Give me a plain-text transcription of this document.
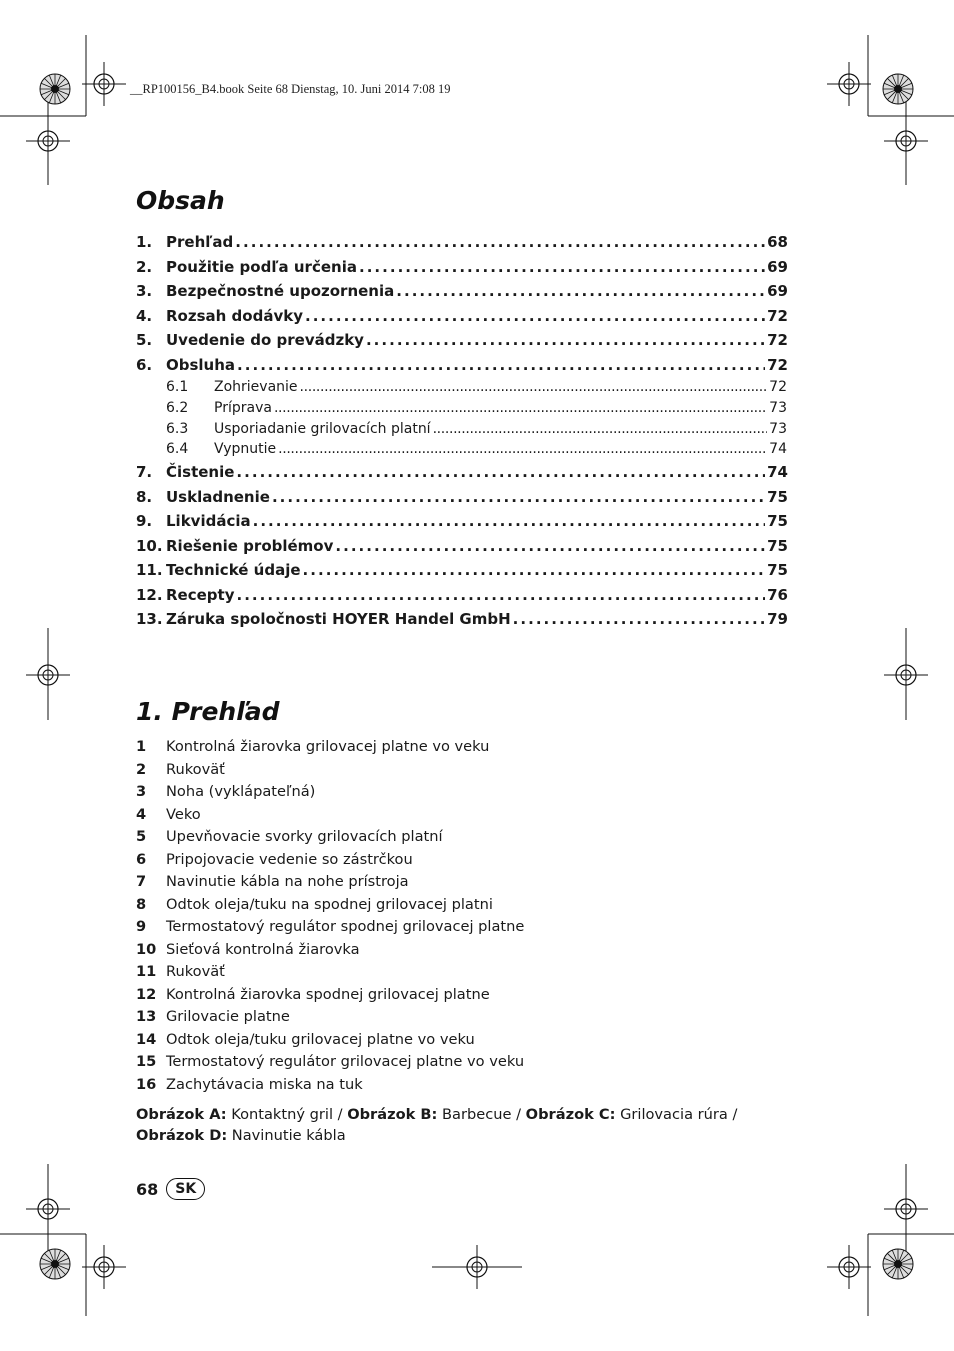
__RP100156_B4.book Seite 68 Dienstag, 10. Juni 2014 7:08 19
Obsah
1. Prehľad . . .	68
2. Použitie podľa určenia . . .	69
3. Bezpečnostné upozornenia . . .	69
4. Rozsah dodávky . . .	72
5. Uvedenie do prevádzky . . .	72
6. Obsluha . . .	72
6.1	Zohrievanie . . .	72
6.2	Príprava . . .	73
6.3	Usporiadanie grilovacích platní . . .	73
6.4	Vypnutie . . .	74
7. Čistenie . . .	74
8. Uskladnenie . . .	75
9. Likvidácia . . .	75
10. Riešenie problémov . . .	75
11. Technické údaje . . .	75
12. Recepty . . .	76
13. Záruka spoločnosti HOYER Handel GmbH . . .	79
1. Prehľad
1	Kontrolná žiarovka grilovacej platne vo veku
2	Rukoväť
3	Noha (vyklápateľná)
4	Veko
5	Upevňovacie svorky grilovacích platní
6	Pripojovacie vedenie so zástrčkou
7	Navinutie kábla na nohe prístroja
8	Odtok oleja/tuku na spodnej grilovacej platni
9	Termostatový regulátor spodnej grilovacej platne
10 Sieťová kontrolná žiarovka
11 Rukoväť
12 Kontrolná žiarovka spodnej grilovacej platne
13 Grilovacie platne
14 Odtok oleja/tuku grilovacej platne vo veku
15 Termostatový regulátor grilovacej platne vo veku
16 Zachytávacia miska na tuk
Obrázok A: Kontaktný gril / Obrázok B: Barbecue / Obrázok C: Grilovacia rúra /
Obrázok D: Navinutie kábla
68	SK
